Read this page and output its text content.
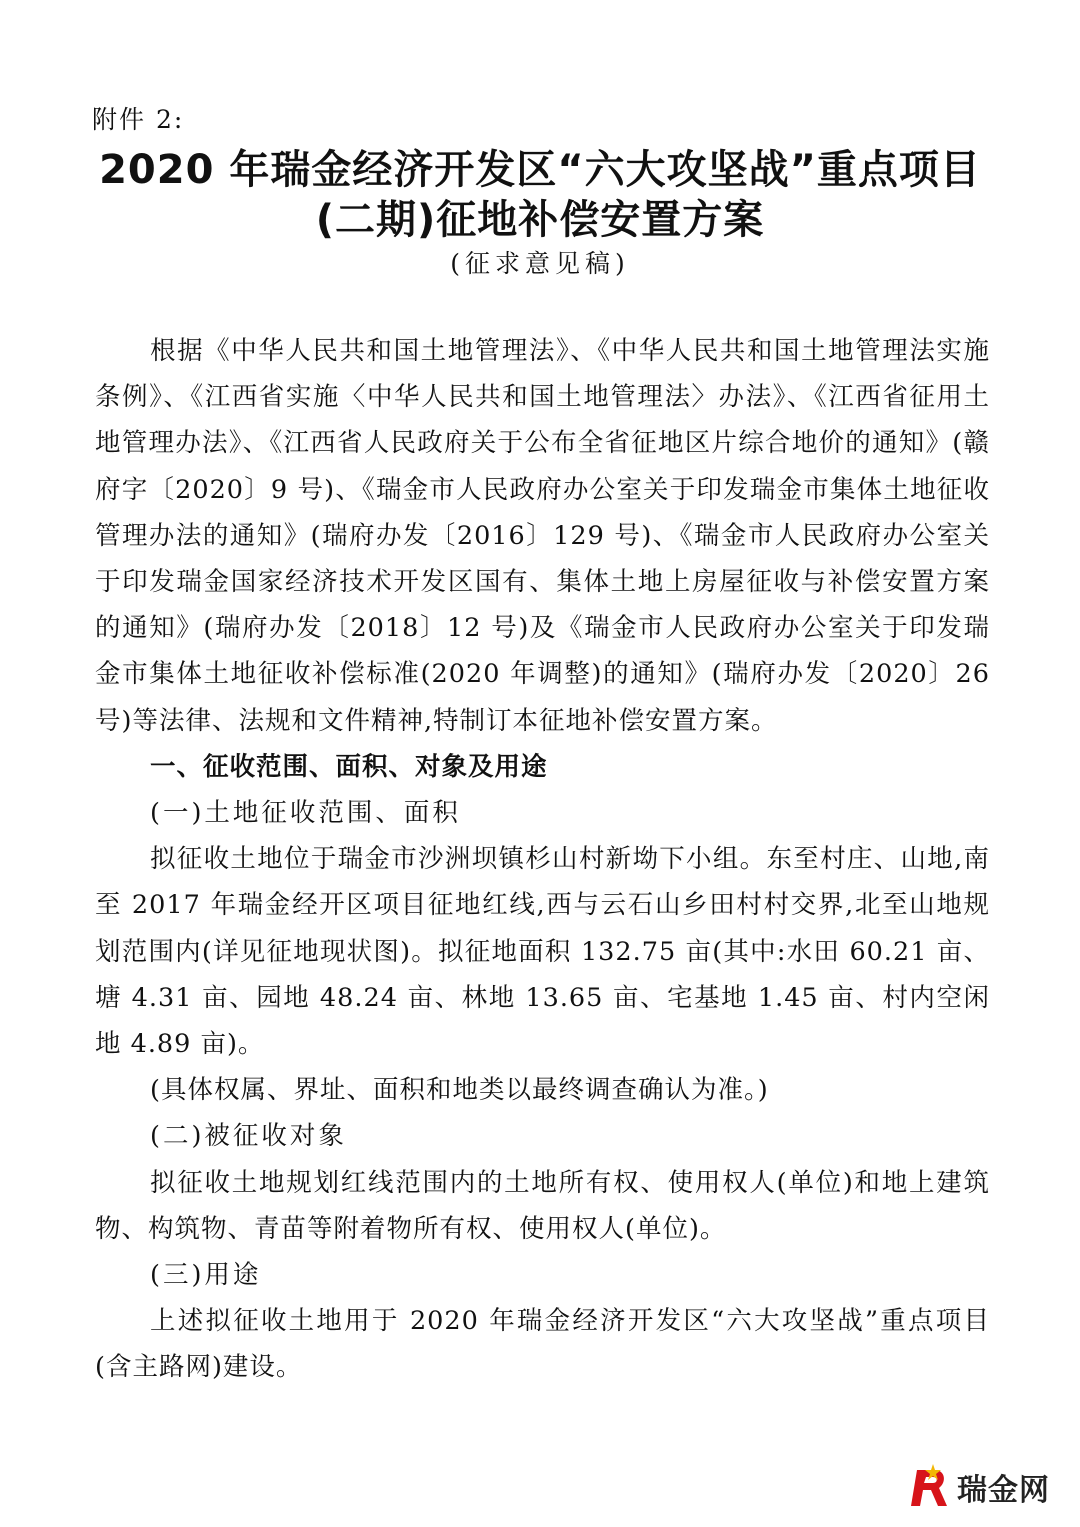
附件 2:
2020 年瑞金经济开发区“六大攻坚战”重点项目
(二期)征地补偿安置方案
(征求意见稿)

根据《中华人民共和国土地管理法》、《中华人民共和国土地管理法实施条例》、《江西省实施〈中华人民共和国土地管理法〉办法》、《江西省征用土地管理办法》、《江西省人民政府关于公布全省征地区片综合地价的通知》(赣府字〔2020〕9 号)、《瑞金市人民政府办公室关于印发瑞金市集体土地征收管理办法的通知》(瑞府办发〔2016〕129 号)、《瑞金市人民政府办公室关于印发瑞金国家经济技术开发区国有、集体土地上房屋征收与补偿安置方案的通知》(瑞府办发〔2018〕12 号)及《瑞金市人民政府办公室关于印发瑞金市集体土地征收补偿标准(2020 年调整)的通知》(瑞府办发〔2020〕26 号)等法律、法规和文件精神,特制订本征地补偿安置方案。

一、征收范围、面积、对象及用途

(一)土地征收范围、面积

拟征收土地位于瑞金市沙洲坝镇杉山村新坳下小组。东至村庄、山地,南至 2017 年瑞金经开区项目征地红线,西与云石山乡田村村交界,北至山地规划范围内(详见征地现状图)。拟征地面积 132.75 亩(其中:水田 60.21 亩、塘 4.31 亩、园地 48.24 亩、林地 13.65 亩、宅基地 1.45 亩、村内空闲地 4.89 亩)。

(具体权属、界址、面积和地类以最终调查确认为准。)

(二)被征收对象

拟征收土地规划红线范围内的土地所有权、使用权人(单位)和地上建筑物、构筑物、青苗等附着物所有权、使用权人(单位)。

(三)用途

上述拟征收土地用于 2020 年瑞金经济开发区“六大攻坚战”重点项目(含主路网)建设。

瑞金网
